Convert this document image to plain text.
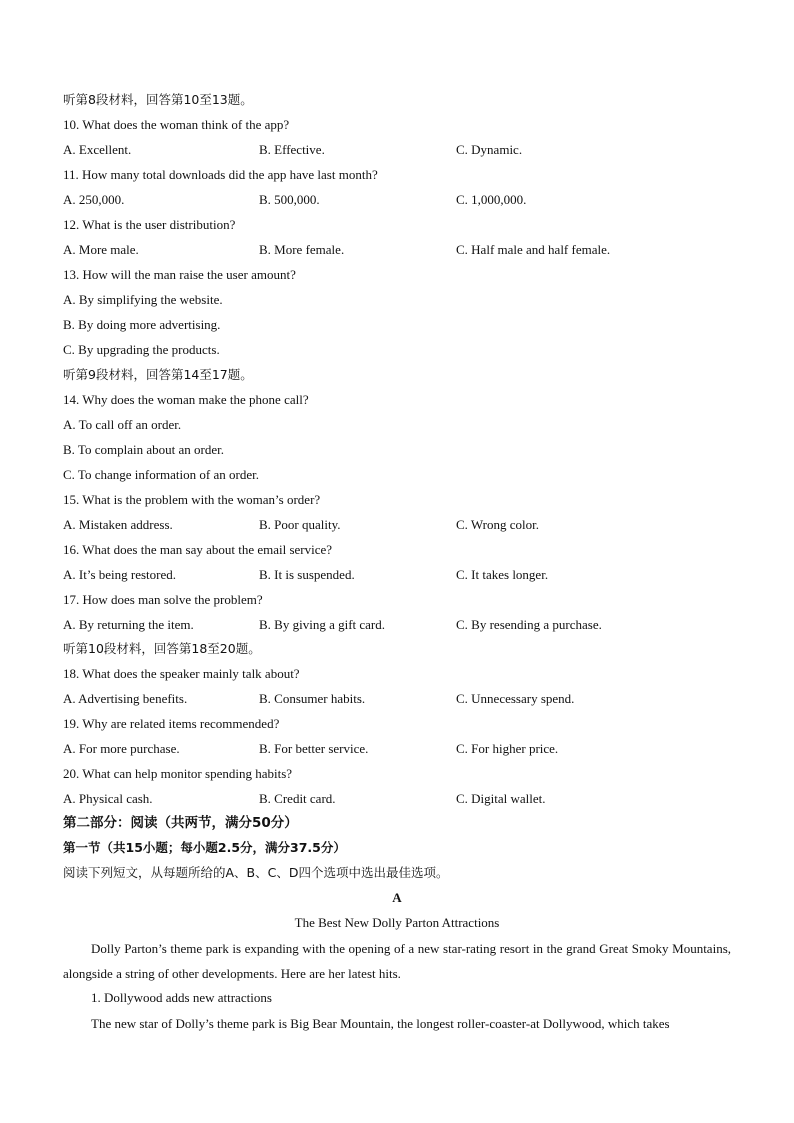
听第8段材料，回答第10至13题。
10. What does the woman think of the app?
A. Excellent.	B. Effective.	C. Dynamic.
11. How many total downloads did the app have last month?
A. 250,000.	B. 500,000.	C. 1,000,000.
12. What is the user distribution?
A. More male.	B. More female.	C. Half male and half female.
13. How will the man raise the user amount?
A. By simplifying the website.
B. By doing more advertising.
C. By upgrading the products.
听第9段材料，回答第14至17题。
14. Why does the woman make the phone call?
A. To call off an order.
B. To complain about an order.
C. To change information of an order.
15. What is the problem with the woman’s order?
A. Mistaken address.	B. Poor quality.	C. Wrong color.
16. What does the man say about the email service?
A. It’s being restored.	B. It is suspended.	C. It takes longer.
17. How does man solve the problem?
A. By returning the item.	B. By giving a gift card.	C. By resending a purchase.
听第10段材料，回答第18至20题。
18. What does the speaker mainly talk about?
A. Advertising benefits.	B. Consumer habits.	C. Unnecessary spend.
19. Why are related items recommended?
A. For more purchase.	B. For better service.	C. For higher price.
20. What can help monitor spending habits?
A. Physical cash.	B. Credit card.	C. Digital wallet.
第二部分：阅读（共两节，满分50分）
第一节（共15小题；每小题2.5分，满分37.5分）
阅读下列短文，从每题所给的A、B、C、D四个选项中选出最佳选项。
A
The Best New Dolly Parton Attractions
Dolly Parton’s theme park is expanding with the opening of a new star-rating resort in the grand Great Smoky Mountains, alongside a string of other developments. Here are her latest hits.
1. Dollywood adds new attractions
The new star of Dolly’s theme park is Big Bear Mountain, the longest roller-coaster-at Dollywood, which takes
